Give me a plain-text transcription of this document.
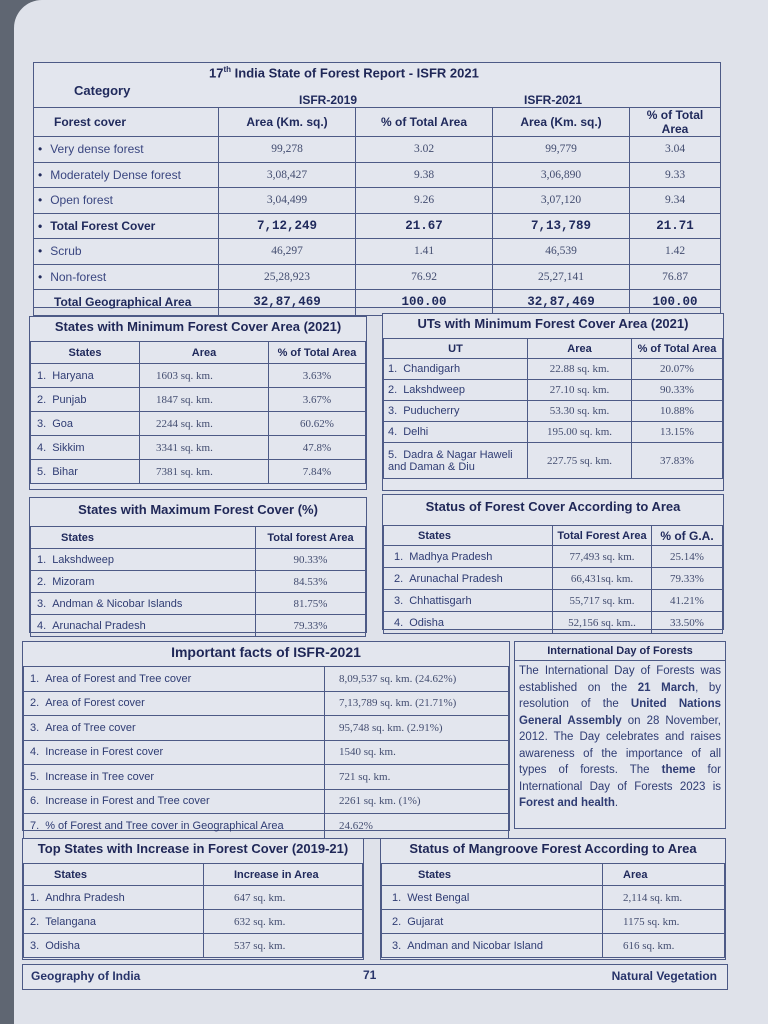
17th India State of Forest Report - ISFR 2021
Category
ISFR-2019	ISFR-2021
Forest cover	Area (Km. sq.)	% of Total Area	Area (Km. sq.)	% of Total Area
• Very dense forest	99,278	3.02	99,779	3.04
• Moderately Dense forest	3,08,427	9.38	3,06,890	9.33
• Open forest	3,04,499	9.26	3,07,120	9.34
• Total Forest Cover	7,12,249	21.67	7,13,789	21.71
• Scrub	46,297	1.41	46,539	1.42
• Non-forest	25,28,923	76.92	25,27,141	76.87
Total Geographical Area	32,87,469	100.00	32,87,469	100.00
States with Minimum Forest Cover Area (2021)
States	Area	% of Total Area
1. Haryana	1603 sq. km.	3.63%
2. Punjab	1847 sq. km.	3.67%
3. Goa	2244 sq. km.	60.62%
4. Sikkim	3341 sq. km.	47.8%
5. Bihar	7381 sq. km.	7.84%
UTs with Minimum Forest Cover Area (2021)
UT	Area	% of Total Area
1. Chandigarh	22.88 sq. km.	20.07%
2. Lakshdweep	27.10 sq. km.	90.33%
3. Puducherry	53.30 sq. km.	10.88%
4. Delhi	195.00 sq. km.	13.15%
5. Dadra & Nagar Haweli and Daman & Diu	227.75 sq. km.	37.83%
States with Maximum Forest Cover (%)
States	Total forest Area
1. Lakshdweep	90.33%
2. Mizoram	84.53%
3. Andman & Nicobar Islands	81.75%
4. Arunachal Pradesh	79.33%
Status of Forest Cover According to Area
States	Total Forest Area	% of G.A.
1. Madhya Pradesh	77,493 sq. km.	25.14%
2. Arunachal Pradesh	66,431sq. km.	79.33%
3. Chhattisgarh	55,717 sq. km.	41.21%
4. Odisha	52,156 sq. km..	33.50%
Important facts of ISFR-2021
1. Area of Forest and Tree cover	8,09,537 sq. km. (24.62%)
2. Area of Forest cover	7,13,789 sq. km. (21.71%)
3. Area of Tree cover	95,748 sq. km. (2.91%)
4. Increase in Forest cover	1540 sq. km.
5. Increase in Tree cover	721 sq. km.
6. Increase in Forest and Tree cover	2261 sq. km. (1%)
7. % of Forest and Tree cover in Geographical Area	24.62%
International Day of Forests
The International Day of Forests was established on the 21 March, by resolution of the United Nations General Assembly on 28 November, 2012. The Day celebrates and raises awareness of the importance of all types of forests. The theme for International Day of Forests 2023 is Forest and health.
Top States with Increase in Forest Cover (2019-21)
States	Increase in Area
1. Andhra Pradesh	647 sq. km.
2. Telangana	632 sq. km.
3. Odisha	537 sq. km.
Status of Mangroove Forest According to Area
States	Area
1. West Bengal	2,114 sq. km.
2. Gujarat	1175 sq. km.
3. Andman and Nicobar Island	616 sq. km.
Geography of India	71	Natural Vegetation
